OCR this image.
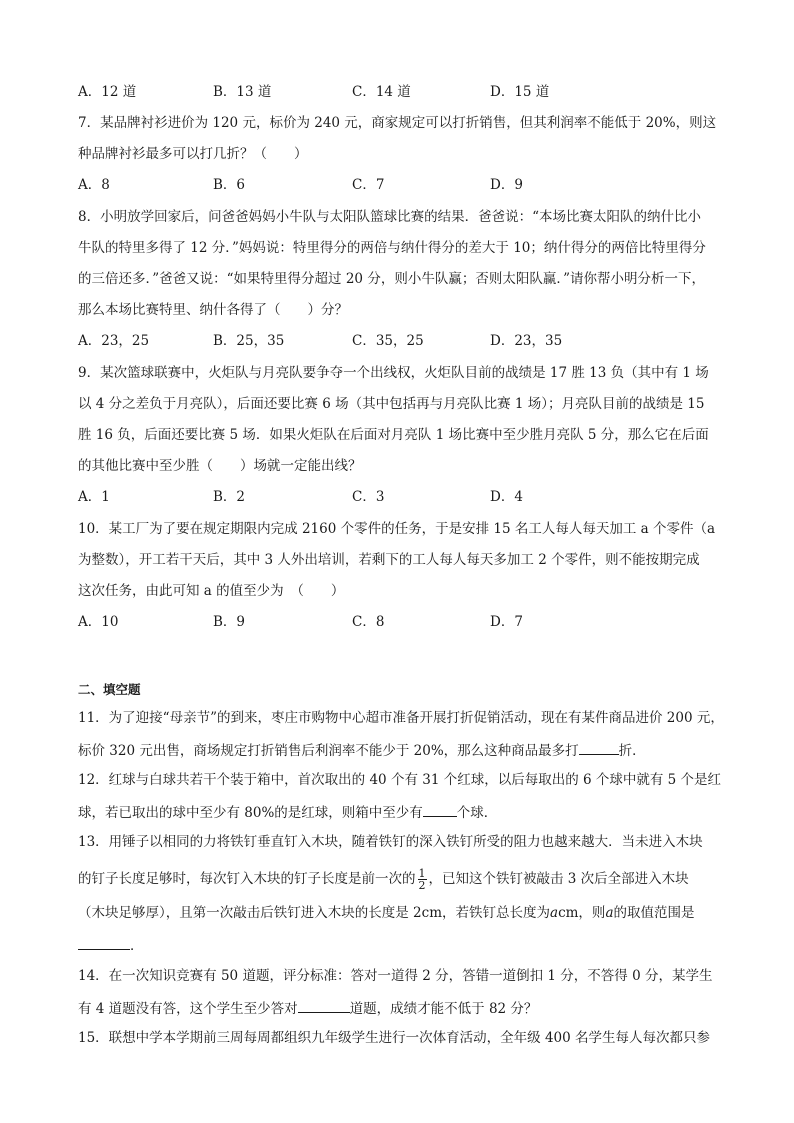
A．12 道	B．13 道	C．14 道	D．15 道
7．某品牌衬衫进价为 120 元，标价为 240 元，商家规定可以打折销售，但其利润率不能低于 20%，则这
种品牌衬衫最多可以打几折？（　　）
A．8	B．6	C．7	D．9
8．小明放学回家后，问爸爸妈妈小牛队与太阳队篮球比赛的结果．爸爸说：“本场比赛太阳队的纳什比小
牛队的特里多得了 12 分．”妈妈说：特里得分的两倍与纳什得分的差大于 10；纳什得分的两倍比特里得分
的三倍还多．”爸爸又说：“如果特里得分超过 20 分，则小牛队赢；否则太阳队赢．”请你帮小明分析一下，
那么本场比赛特里、纳什各得了（　　）分？
A．23，25	B．25，35	C．35，25	D．23，35
9．某次篮球联赛中，火炬队与月亮队要争夺一个出线权，火炬队目前的战绩是 17 胜 13 负（其中有 1 场
以 4 分之差负于月亮队），后面还要比赛 6 场（其中包括再与月亮队比赛 1 场）；月亮队目前的战绩是 15
胜 16 负，后面还要比赛 5 场．如果火炬队在后面对月亮队 1 场比赛中至少胜月亮队 5 分，那么它在后面
的其他比赛中至少胜（　　）场就一定能出线？
A．1	B．2	C．3	D．4
10．某工厂为了要在规定期限内完成 2160 个零件的任务，于是安排 15 名工人每人每天加工 a 个零件（a
为整数），开工若干天后，其中 3 人外出培训，若剩下的工人每人每天多加工 2 个零件，则不能按期完成
这次任务，由此可知 a 的值至少为　（　　）
A．10	B．9	C．8	D．7
二、填空题
11．为了迎接“母亲节”的到来，枣庄市购物中心超市准备开展打折促销活动，现在有某件商品进价 200 元，
标价 320 元出售，商场规定打折销售后利润率不能少于 20%，那么这种商品最多打	折．
12．红球与白球共若干个装于箱中，首次取出的 40 个有 31 个红球，以后每取出的 6 个球中就有 5 个是红
球，若已取出的球中至少有 80%的是红球，则箱中至少有	个球．
13．用锤子以相同的力将铁钉垂直钉入木块，随着铁钉的深入铁钉所受的阻力也越来越大．当未进入木块
的钉子长度足够时，每次钉入木块的钉子长度是前一次的 $\frac{1}{2}$ ，已知这个铁钉被敲击 3 次后全部进入木块
（木块足够厚），且第一次敲击后铁钉进入木块的长度是 2cm，若铁钉总长度为acm，则a的取值范围是
．
14．在一次知识竞赛有 50 道题，评分标准：答对一道得 2 分，答错一道倒扣 1 分，不答得 0 分，某学生
有 4 道题没有答，这个学生至少答对	道题，成绩才能不低于 82 分？
15．联想中学本学期前三周每周都组织九年级学生进行一次体育活动，全年级 400 名学生每人每次都只参
